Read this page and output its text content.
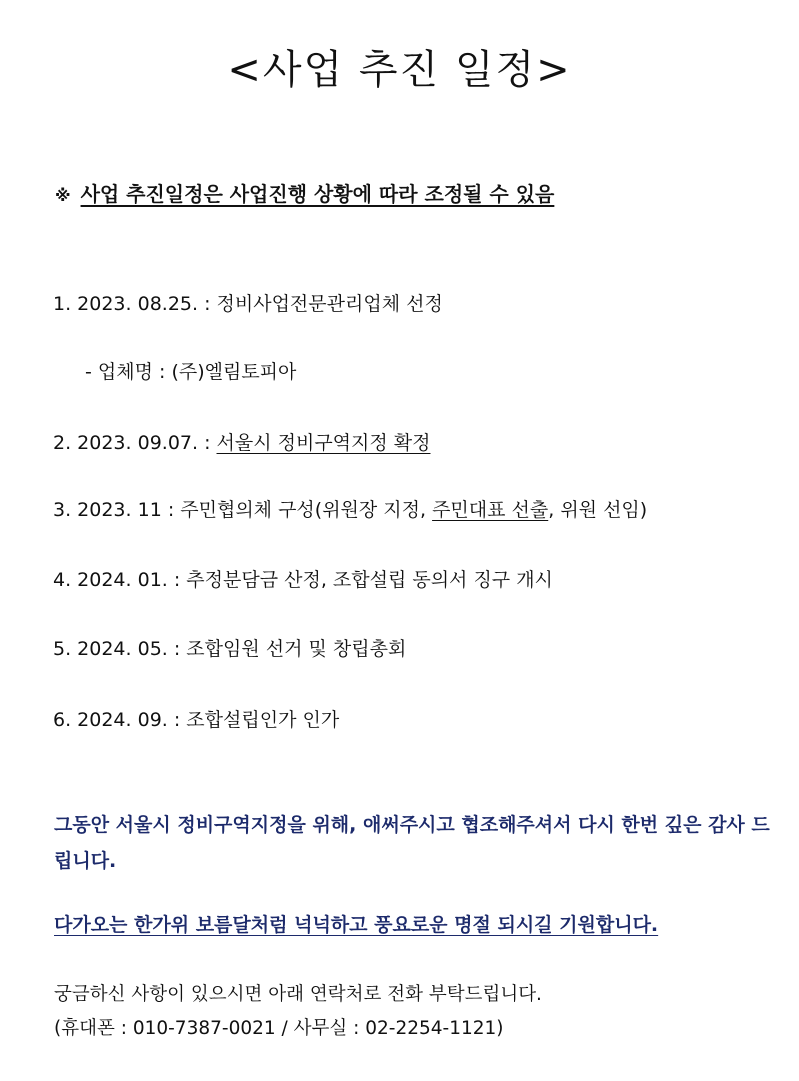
<사업 추진 일정>
※ 사업 추진일정은 사업진행 상황에 따라 조정될 수 있음
1. 2023. 08.25. : 정비사업전문관리업체 선정
- 업체명 : (주)엘림토피아
2. 2023. 09.07. : 서울시 정비구역지정 확정
3. 2023. 11 : 주민협의체 구성(위원장 지정, 주민대표 선출, 위원 선임)
4. 2024. 01. : 추정분담금 산정, 조합설립 동의서 징구 개시
5. 2024. 05. : 조합임원 선거 및 창립총회
6. 2024. 09. : 조합설립인가 인가
그동안 서울시 정비구역지정을 위해, 애써주시고 협조해주셔서 다시 한번 깊은 감사 드립니다.
다가오는 한가위 보름달처럼 넉넉하고 풍요로운 명절 되시길 기원합니다.
궁금하신 사항이 있으시면 아래 연락처로 전화 부탁드립니다.
(휴대폰 : 010-7387-0021 / 사무실 : 02-2254-1121)
